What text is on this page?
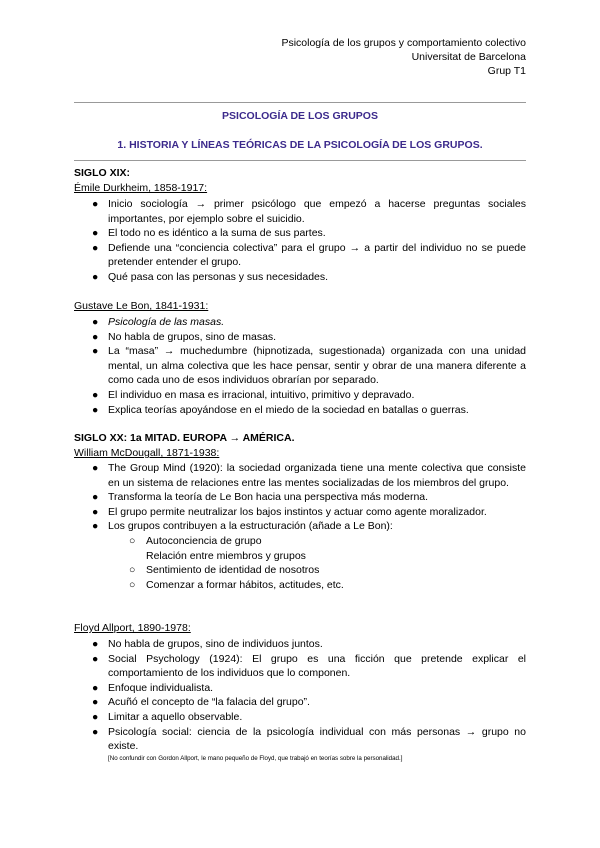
Psicología de los grupos y comportamiento colectivo
Universitat de Barcelona
Grup T1
PSICOLOGÍA DE LOS GRUPOS
1. HISTORIA Y LÍNEAS TEÓRICAS DE LA PSICOLOGÍA DE LOS GRUPOS.
SIGLO XIX:
Émile Durkheim, 1858-1917:
● Inicio sociología → primer psicólogo que empezó a hacerse preguntas sociales importantes, por ejemplo sobre el suicidio.
● El todo no es idéntico a la suma de sus partes.
● Defiende una “conciencia colectiva” para el grupo → a partir del individuo no se puede pretender entender el grupo.
● Qué pasa con las personas y sus necesidades.
Gustave Le Bon, 1841-1931:
● Psicología de las masas.
● No habla de grupos, sino de masas.
● La “masa” → muchedumbre (hipnotizada, sugestionada) organizada con una unidad mental, un alma colectiva que les hace pensar, sentir y obrar de una manera diferente a como cada uno de esos individuos obrarían por separado.
● El individuo en masa es irracional, intuitivo, primitivo y depravado.
● Explica teorías apoyándose en el miedo de la sociedad en batallas o guerras.
SIGLO XX: 1a MITAD. EUROPA → AMÉRICA.
William McDougall, 1871-1938:
● The Group Mind (1920): la sociedad organizada tiene una mente colectiva que consiste en un sistema de relaciones entre las mentes socializadas de los miembros del grupo.
● Transforma la teoría de Le Bon hacia una perspectiva más moderna.
● El grupo permite neutralizar los bajos instintos y actuar como agente moralizador.
● Los grupos contribuyen a la estructuración (añade a Le Bon):
○ Autoconciencia de grupo
Relación entre miembros y grupos
○ Sentimiento de identidad de nosotros
○ Comenzar a formar hábitos, actitudes, etc.
Floyd Allport, 1890-1978:
● No habla de grupos, sino de individuos juntos.
● Social Psychology (1924): El grupo es una ficción que pretende explicar el comportamiento de los individuos que lo componen.
● Enfoque individualista.
● Acuñó el concepto de “la falacia del grupo”.
● Limitar a aquello observable.
● Psicología social: ciencia de la psicología individual con más personas → grupo no existe.
[No confundir con Gordon Allport, le mano pequeño de Floyd, que trabajó en teorías sobre la personalidad.]
